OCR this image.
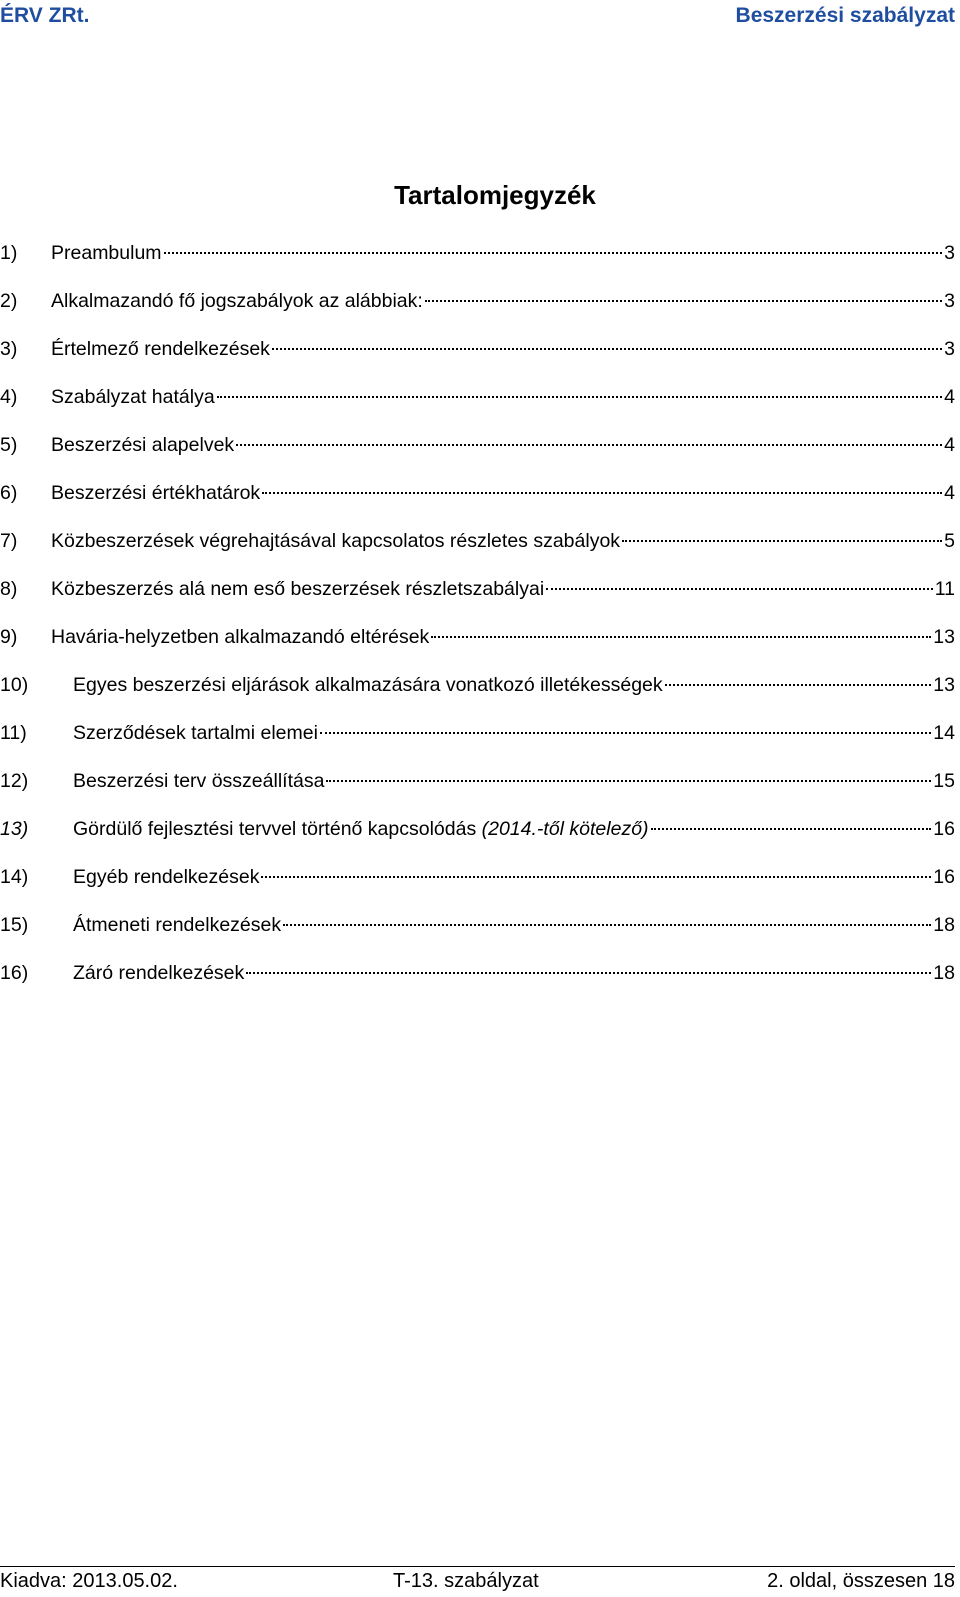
ÉRV ZRt.	Beszerzési szabályzat
Tartalomjegyzék
1)	Preambulum	3
2)	Alkalmazandó fő jogszabályok az alábbiak:	3
3)	Értelmező rendelkezések	3
4)	Szabályzat hatálya	4
5)	Beszerzési alapelvek	4
6)	Beszerzési értékhatárok	4
7)	Közbeszerzések végrehajtásával kapcsolatos részletes szabályok	5
8)	Közbeszerzés alá nem eső beszerzések részletszabályai	11
9)	Havária-helyzetben alkalmazandó eltérések	13
10)	Egyes beszerzési eljárások alkalmazására vonatkozó illetékességek	13
11)	Szerződések tartalmi elemei	14
12)	Beszerzési terv összeállítása	15
13)	Gördülő fejlesztési tervvel történő kapcsolódás (2014.-től kötelező)	16
14)	Egyéb rendelkezések	16
15)	Átmeneti rendelkezések	18
16)	Záró rendelkezések	18
Kiadva: 2013.05.02.	T-13. szabályzat	2. oldal, összesen 18
